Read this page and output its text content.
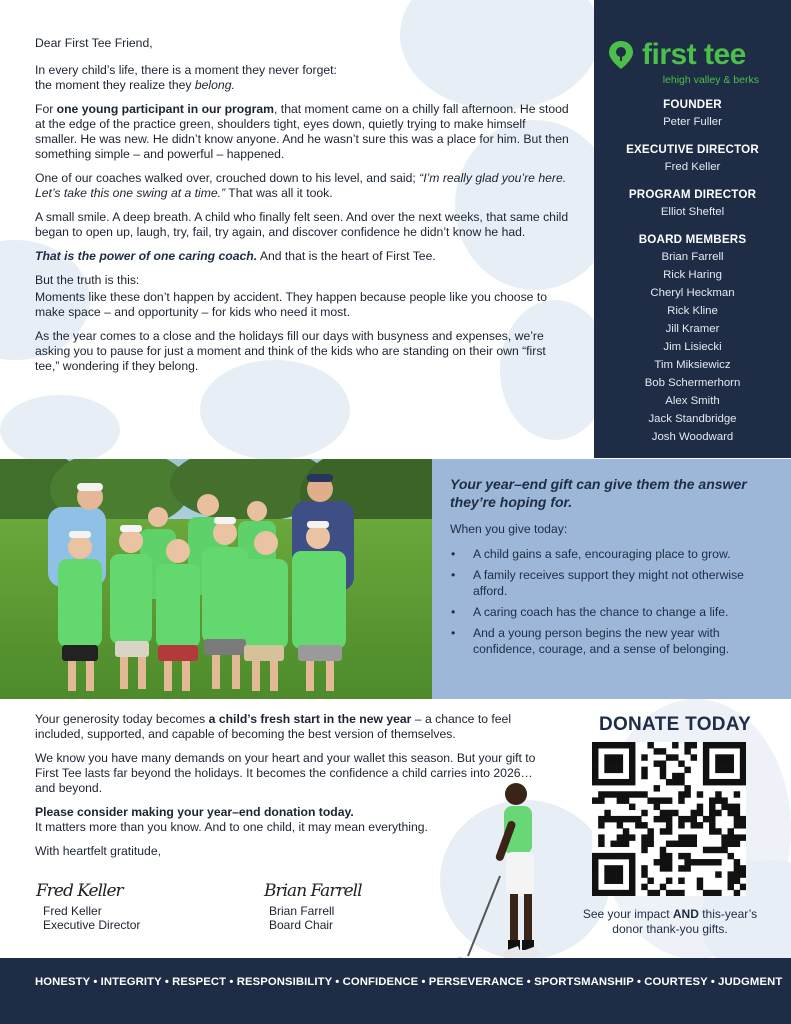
Dear First Tee Friend,

In every child’s life, there is a moment they never forget:
the moment they realize they belong.

For one young participant in our program, that moment came on a chilly fall afternoon. He stood at the edge of the practice green, shoulders tight, eyes down, quietly trying to make himself smaller. He was new. He didn’t know anyone. And he wasn’t sure this was a place for him. But then something simple – and powerful – happened.

One of our coaches walked over, crouched down to his level, and said; “I’m really glad you’re here. Let’s take this one swing at a time.” That was all it took.

A small smile. A deep breath. A child who finally felt seen. And over the next weeks, that same child began to open up, laugh, try, fail, try again, and discover confidence he didn’t know he had.

That is the power of one caring coach. And that is the heart of First Tee.

But the truth is this:

Moments like these don’t happen by accident. They happen because people like you choose to make space – and opportunity – for kids who need it most.

As the year comes to a close and the holidays fill our days with busyness and expenses, we’re asking you to pause for just a moment and think of the kids who are standing on their own “first tee,” wondering if they belong.

first tee
lehigh valley & berks
FOUNDER
Peter Fuller
EXECUTIVE DIRECTOR
Fred Keller
PROGRAM DIRECTOR
Elliot Sheftel
BOARD MEMBERS
Brian Farrell
Rick Haring
Cheryl Heckman
Rick Kline
Jill Kramer
Jim Lisiecki
Tim Miksiewicz
Bob Schermerhorn
Alex Smith
Jack Standbridge
Josh Woodward
Your year–end gift can give them the answer they’re hoping for.
When you give today:
• A child gains a safe, encouraging place to grow.
• A family receives support they might not otherwise afford.
• A caring coach has the chance to change a life.
• And a young person begins the new year with confidence, courage, and a sense of belonging.

Your generosity today becomes a child’s fresh start in the new year – a chance to feel included, supported, and capable of becoming the best version of themselves.

We know you have many demands on your heart and your wallet this season. But your gift to First Tee lasts far beyond the holidays. It becomes the confidence a child carries into 2026… and beyond.

Please consider making your year–end donation today.
It matters more than you know. And to one child, it may mean everything.

With heartfelt gratitude,

Fred Keller
Fred Keller
Executive Director
Brian Farrell
Brian Farrell
Board Chair
DONATE TODAY
See your impact AND this-year’s donor thank-you gifts.
HONESTY • INTEGRITY • RESPECT • RESPONSIBILITY • CONFIDENCE • PERSEVERANCE • SPORTSMANSHIP • COURTESY • JUDGMENT
